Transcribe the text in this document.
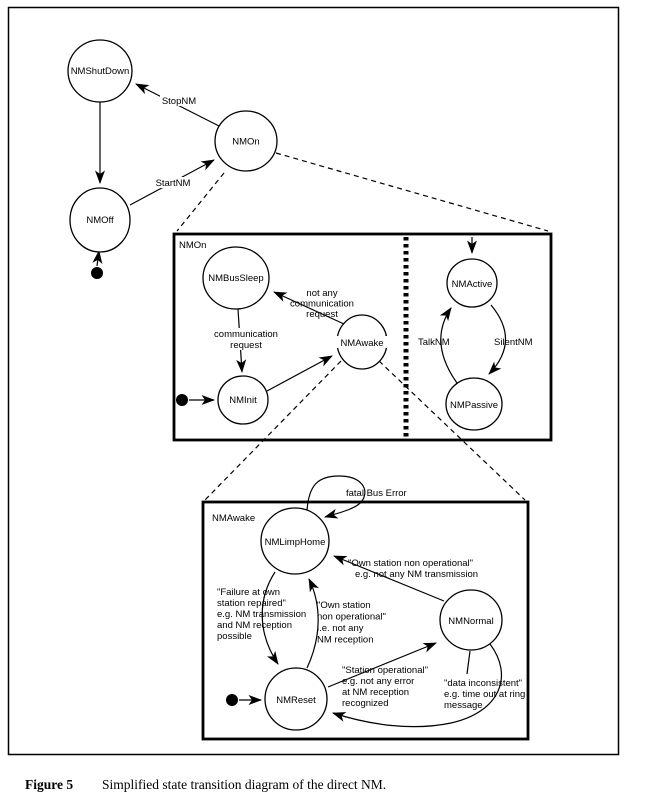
NMShutDown
NMOn
NMOff
StopNM
StartNM
NMOn
NMBusSleep
NMAwake
NMInit
not any
communication
request
communication
request
NMActive
NMPassive
TalkNM	SilentNM
NMAwake
NMLimpHome
NMNormal
NMReset
fatal Bus Error
"Failure at own
station repaired"
e.g. NM transmission
and NM reception
possible
"Own station
non operational"
i.e. not any
NM reception
"Own station non operational"
e.g. not any NM transmission
"Station operational"
e.g. not any error
at NM reception
recognized
"data inconsistent"
e.g. time out at ring
message
Figure 5 Simplified state transition diagram of the direct NM.
